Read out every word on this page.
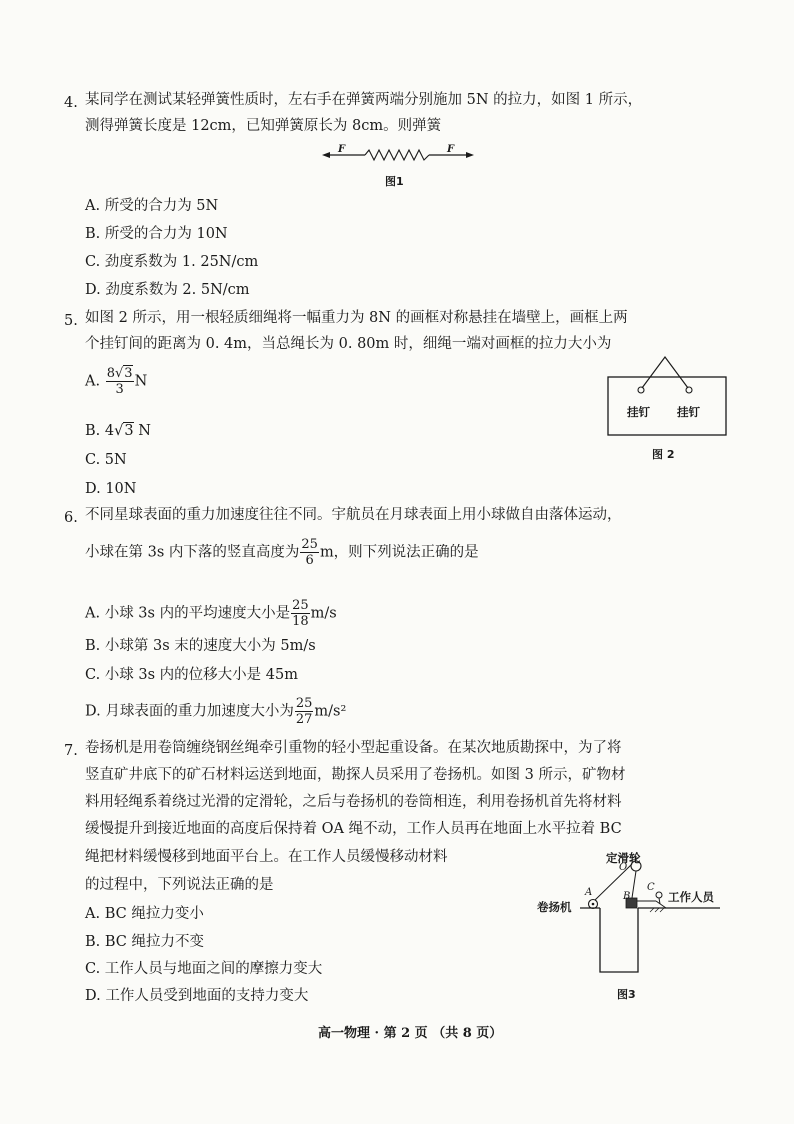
4. 某同学在测试某轻弹簧性质时，左右手在弹簧两端分别施加 5N 的拉力，如图 1 所示，
测得弹簧长度是 12cm，已知弹簧原长为 8cm。则弹簧
F	F
图1
A. 所受的合力为 5N
B. 所受的合力为 10N
C. 劲度系数为 1. 25N/cm
D. 劲度系数为 2. 5N/cm
5. 如图 2 所示，用一根轻质细绳将一幅重力为 8N 的画框对称悬挂在墙壁上，画框上两
个挂钉间的距离为 0. 4m，当总绳长为 0. 80m 时，细绳一端对画框的拉力大小为
A. $\frac{8√3}{3}$ N
B. 4√3 N
C. 5N
D. 10N
挂钉 挂钉
图 2
6. 不同星球表面的重力加速度往往不同。宇航员在月球表面上用小球做自由落体运动，
小球在第 3s 内下落的竖直高度为 $\frac{25}{6}$ m，则下列说法正确的是
A. 小球 3s 内的平均速度大小是 $\frac{25}{18} m/s$
B. 小球第 3s 末的速度大小为 5m/s
C. 小球 3s 内的位移大小是 45m
D. 月球表面的重力加速度大小为 $\frac{25}{27} m/s^2$
7. 卷扬机是用卷筒缠绕钢丝绳牵引重物的轻小型起重设备。在某次地质勘探中，为了将
竖直矿井底下的矿石材料运送到地面，勘探人员采用了卷扬机。如图 3 所示，矿物材
料用轻绳系着绕过光滑的定滑轮，之后与卷扬机的卷筒相连，利用卷扬机首先将材料
缓慢提升到接近地面的高度后保持着 OA 绳不动，工作人员再在地面上水平拉着 BC
绳把材料缓慢移到地面平台上。在工作人员缓慢移动材料
的过程中，下列说法正确的是
A. BC 绳拉力变小
B. BC 绳拉力不变
C. 工作人员与地面之间的摩擦力变大
D. 工作人员受到地面的支持力变大
定滑轮
卷扬机
工作人员
A	B
C
O
图3
高一物理 · 第 2 页 （共 8 页）
